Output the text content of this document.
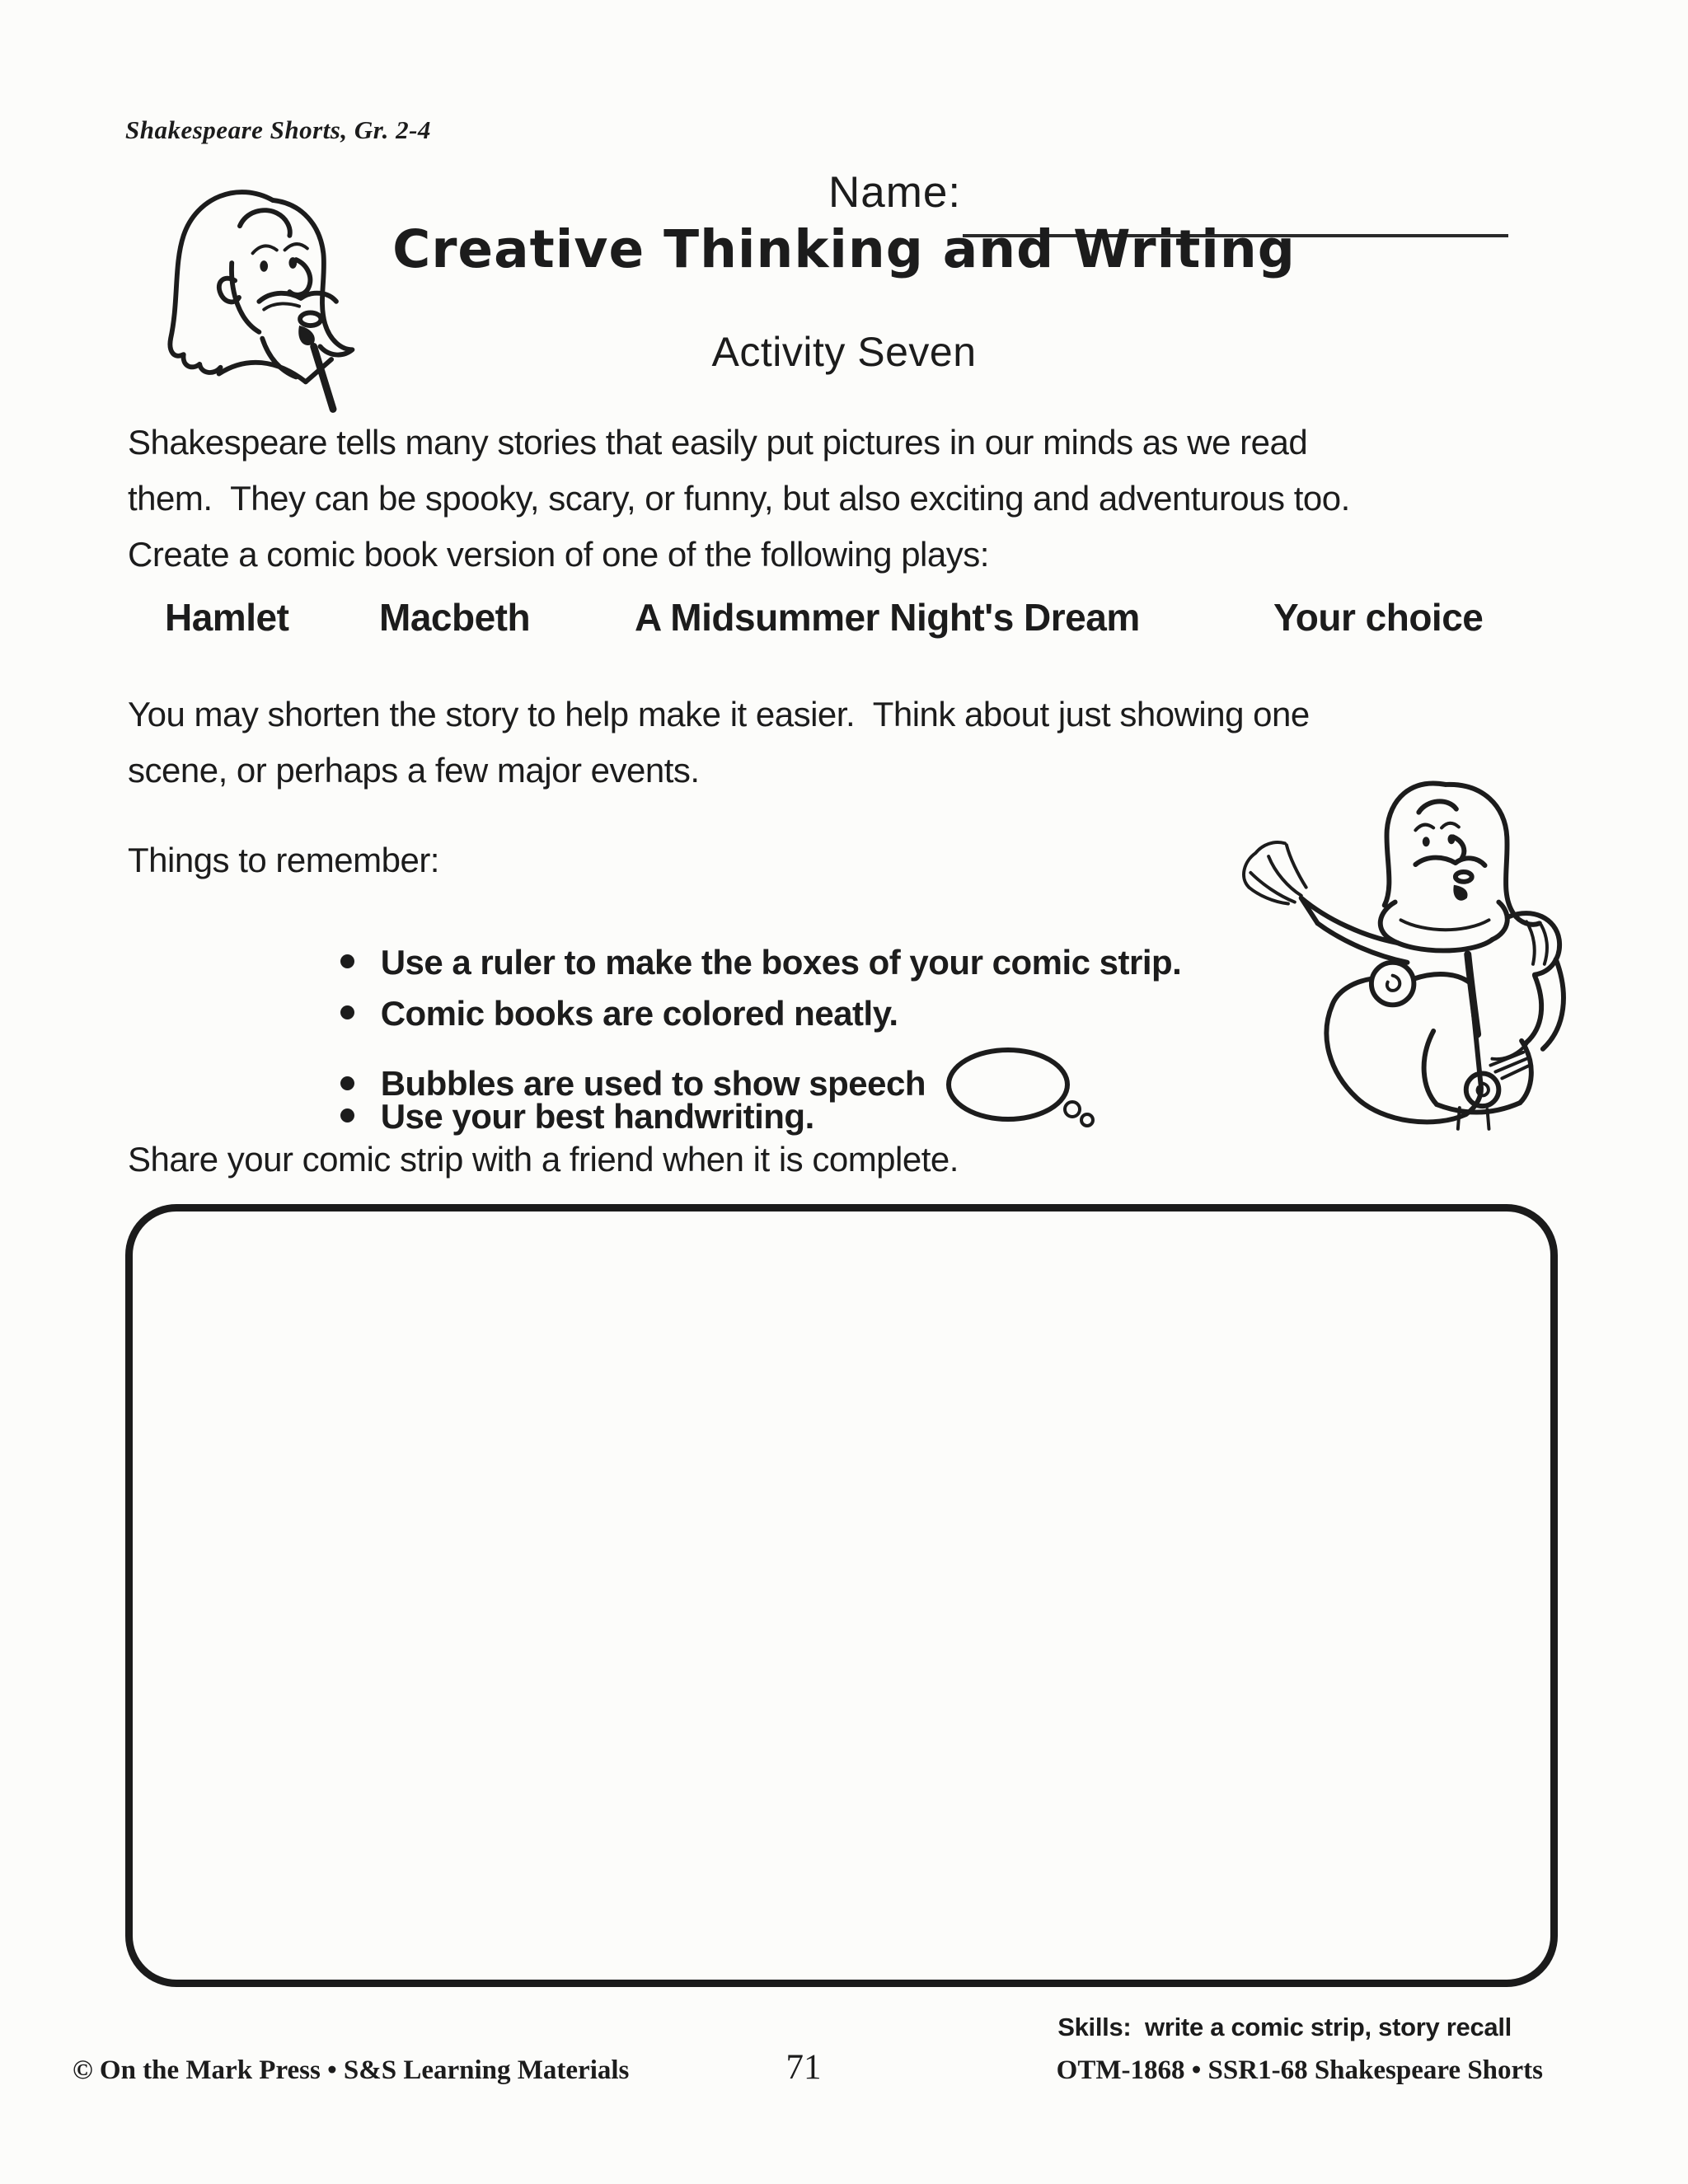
Shakespeare Shorts, Gr. 2-4
Name:
Creative Thinking and Writing
Activity Seven
Shakespeare tells many stories that easily put pictures in our minds as we read
them.  They can be spooky, scary, or funny, but also exciting and adventurous too.
Create a comic book version of one of the following plays:
Hamlet Macbeth	A Midsummer Night's Dream	Your choice
You may shorten the story to help make it easier.  Think about just showing one
scene, or perhaps a few major events.
Things to remember:

Use a ruler to make the boxes of your comic strip.

Comic books are colored neatly.

Bubbles are used to show speech

Use your best handwriting.

Share your comic strip with a friend when it is complete.
Skills:  write a comic strip, story recall
© On the Mark Press • S&S Learning Materials	71	OTM-1868 • SSR1-68 Shakespeare Shorts
